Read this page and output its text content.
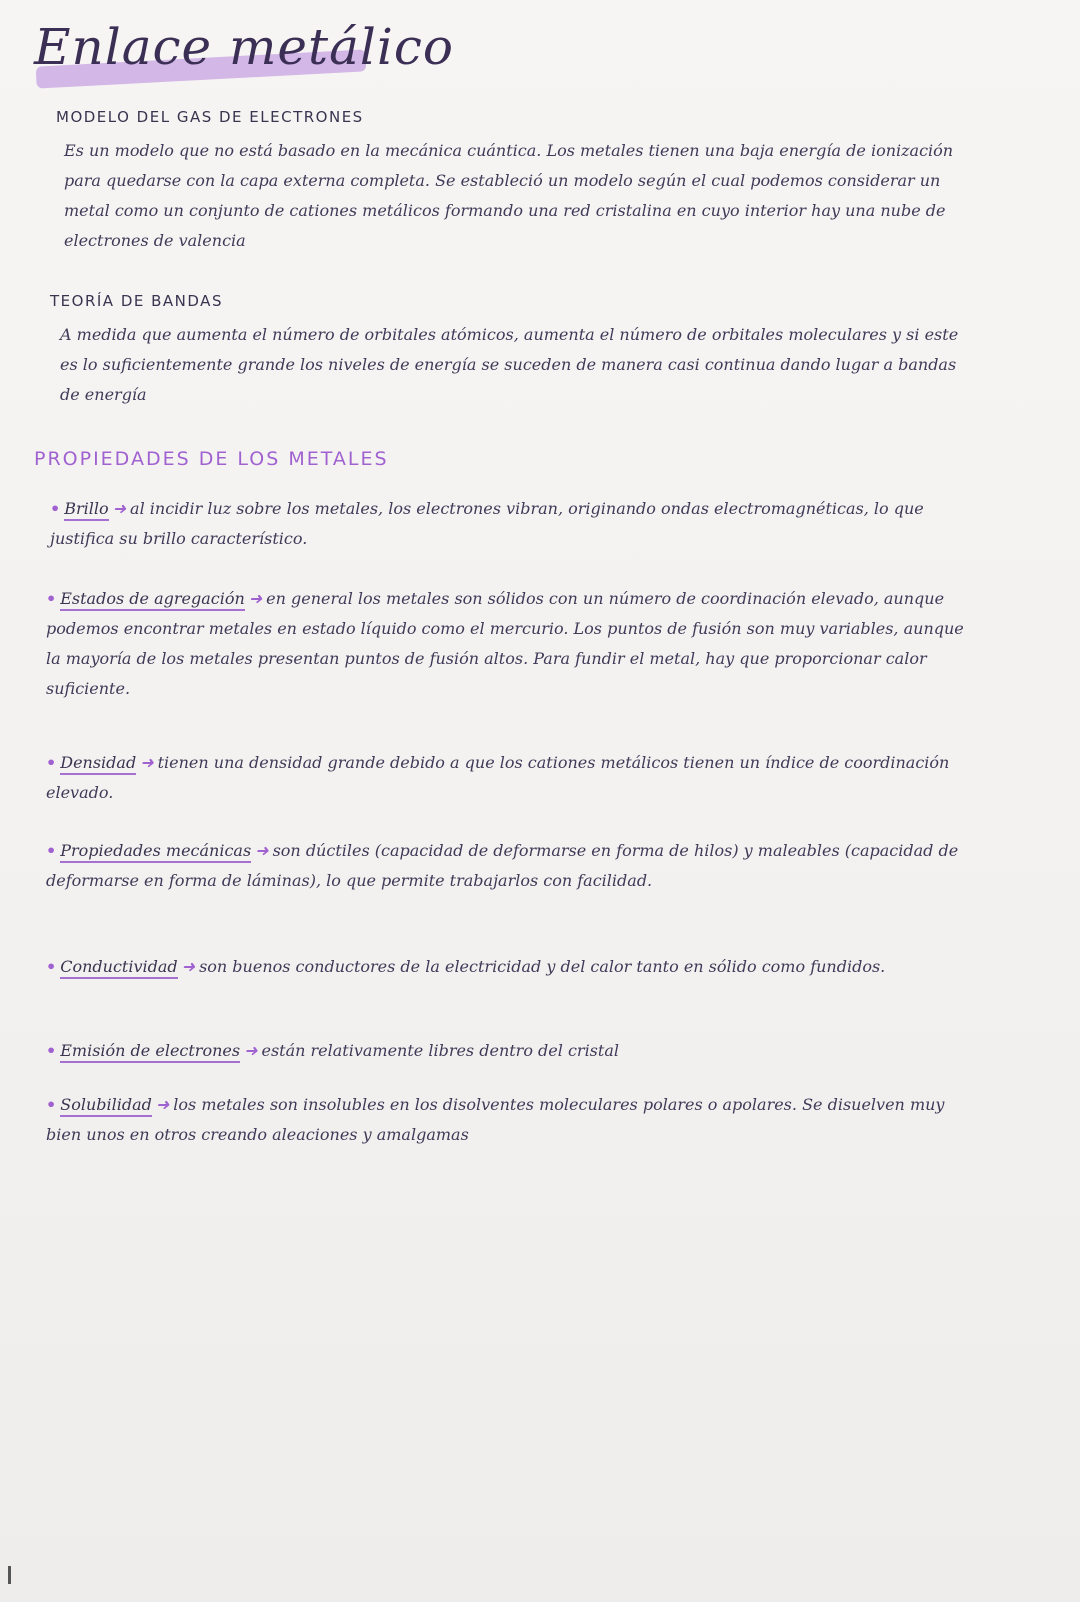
Enlace metálico
MODELO DEL GAS DE ELECTRONES
Es un modelo que no está basado en la mecánica cuántica. Los metales tienen una baja energía de ionización para quedarse con la capa externa completa. Se estableció un modelo según el cual podemos considerar un metal como un conjunto de cationes metálicos formando una red cristalina en cuyo interior hay una nube de electrones de valencia
TEORÍA DE BANDAS
A medida que aumenta el número de orbitales atómicos, aumenta el número de orbitales moleculares y si este es lo suficientemente grande los niveles de energía se suceden de manera casi continua dando lugar a bandas de energía
PROPIEDADES DE LOS METALES
• Brillo ➜ al incidir luz sobre los metales, los electrones vibran, originando ondas electromagnéticas, lo que justifica su brillo característico.
• Estados de agregación ➜ en general los metales son sólidos con un número de coordinación elevado, aunque podemos encontrar metales en estado líquido como el mercurio. Los puntos de fusión son muy variables, aunque la mayoría de los metales presentan puntos de fusión altos. Para fundir el metal, hay que proporcionar calor suficiente.
• Densidad ➜ tienen una densidad grande debido a que los cationes metálicos tienen un índice de coordinación elevado.
• Propiedades mecánicas ➜ son dúctiles (capacidad de deformarse en forma de hilos) y maleables (capacidad de deformarse en forma de láminas), lo que permite trabajarlos con facilidad.
• Conductividad ➜ son buenos conductores de la electricidad y del calor tanto en sólido como fundidos.
• Emisión de electrones ➜ están relativamente libres dentro del cristal
• Solubilidad ➜ los metales son insolubles en los disolventes moleculares polares o apolares. Se disuelven muy bien unos en otros creando aleaciones y amalgamas
